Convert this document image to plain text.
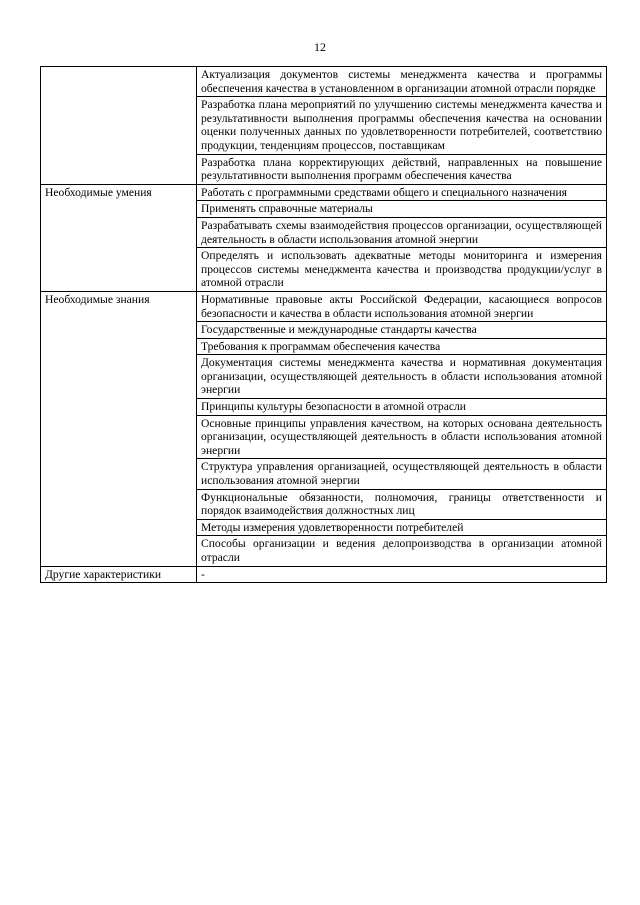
12
	Актуализация документов системы менеджмента качества и программы обеспечения качества в установленном в организации атомной отрасли порядке
	Разработка плана мероприятий по улучшению системы менеджмента качества и результативности выполнения программы обеспечения качества на основании оценки полученных данных по удовлетворенности потребителей, соответствию продукции, тенденциям процессов, поставщикам
	Разработка плана корректирующих действий, направленных на повышение результативности выполнения программ обеспечения качества
Необходимые умения	Работать с программными средствами общего и специального назначения
	Применять справочные материалы
	Разрабатывать схемы взаимодействия процессов организации, осуществляющей деятельность в области использования атомной энергии
	Определять и использовать адекватные методы мониторинга и измерения процессов системы менеджмента качества и производства продукции/услуг в атомной отрасли
Необходимые знания	Нормативные правовые акты Российской Федерации, касающиеся вопросов безопасности и качества в области использования атомной энергии
	Государственные и международные стандарты качества
	Требования к программам обеспечения качества
	Документация системы менеджмента качества и нормативная документация организации, осуществляющей деятельность в области использования атомной энергии
	Принципы культуры безопасности в атомной отрасли
	Основные принципы управления качеством, на которых основана деятельность организации, осуществляющей деятельность в области использования атомной энергии
	Структура управления организацией, осуществляющей деятельность в области использования атомной энергии
	Функциональные обязанности, полномочия, границы ответственности и порядок взаимодействия должностных лиц
	Методы измерения удовлетворенности потребителей
	Способы организации и ведения делопроизводства в организации атомной отрасли
Другие характеристики	-
